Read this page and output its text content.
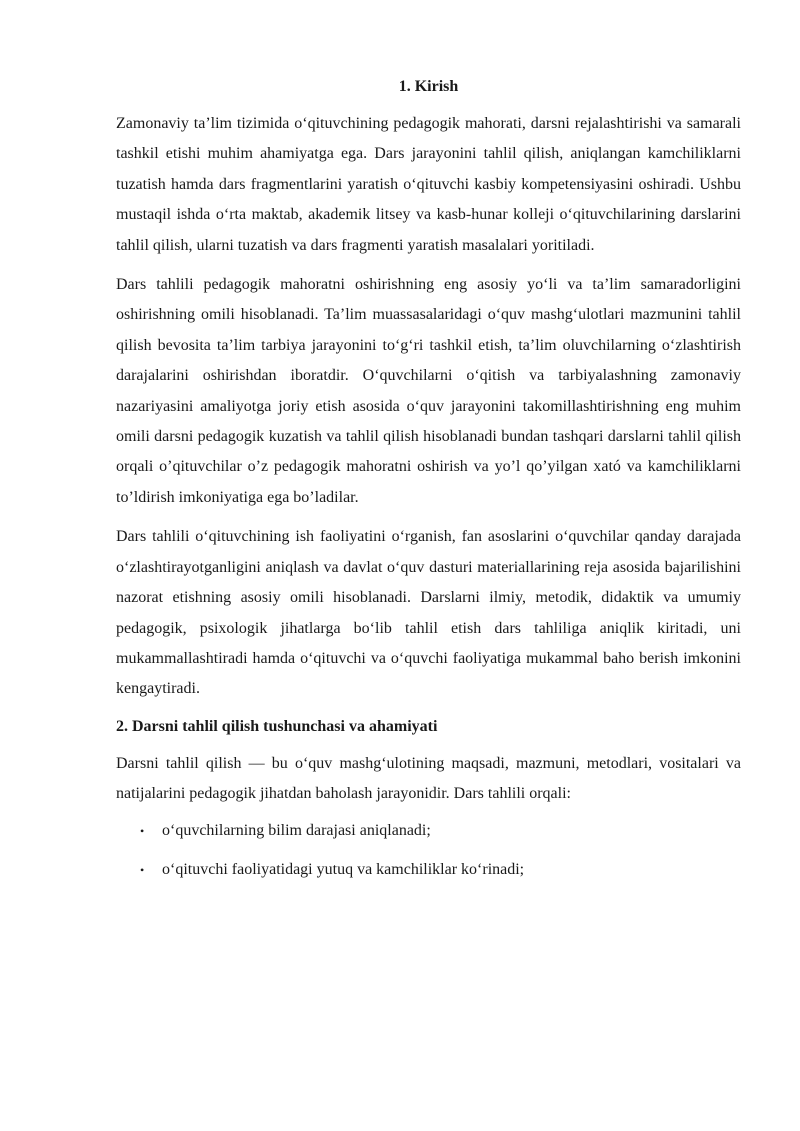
1. Kirish

Zamonaviy ta’lim tizimida o‘qituvchining pedagogik mahorati, darsni rejalashtirishi va samarali tashkil etishi muhim ahamiyatga ega. Dars jarayonini tahlil qilish, aniqlangan kamchiliklarni tuzatish hamda dars fragmentlarini yaratish o‘qituvchi kasbiy kompetensiyasini oshiradi. Ushbu mustaqil ishda o‘rta maktab, akademik litsey va kasb-hunar kolleji o‘qituvchilarining darslarini tahlil qilish, ularni tuzatish va dars fragmenti yaratish masalalari yoritiladi.

Dars tahlili pedagogik mahoratni oshirishning eng asosiy yo‘li va ta’lim samaradorligini oshirishning omili hisoblanadi. Ta’lim muassasalaridagi o‘quv mashg‘ulotlari mazmunini tahlil qilish bevosita ta’lim tarbiya jarayonini to‘g‘ri tashkil etish, ta’lim oluvchilarning o‘zlashtirish darajalarini oshirishdan iboratdir. O‘quvchilarni o‘qitish va tarbiyalashning zamonaviy nazariyasini amaliyotga joriy etish asosida o‘quv jarayonini takomillashtirishning eng muhim omili darsni pedagogik kuzatish va tahlil qilish hisoblanadi bundan tashqari darslarni tahlil qilish orqali o’qituvchilar o’z pedagogik mahoratni oshirish va yo’l qo’yilgan xató va kamchiliklarni to’ldirish imkoniyatiga ega bo’ladilar.

Dars tahlili o‘qituvchining ish faoliyatini o‘rganish, fan asoslarini o‘quvchilar qanday darajada o‘zlashtirayotganligini aniqlash va davlat o‘quv dasturi materiallarining reja asosida bajarilishini nazorat etishning asosiy omili hisoblanadi. Darslarni ilmiy, metodik, didaktik va umumiy pedagogik, psixologik jihatlarga bo‘lib tahlil etish dars tahliliga aniqlik kiritadi, uni mukammallashtiradi hamda o‘qituvchi va o‘quvchi faoliyatiga mukammal baho berish imkonini kengaytiradi.

2. Darsni tahlil qilish tushunchasi va ahamiyati

Darsni tahlil qilish — bu o‘quv mashg‘ulotining maqsadi, mazmuni, metodlari, vositalari va natijalarini pedagogik jihatdan baholash jarayonidir. Dars tahlili orqali:

• o‘quvchilarning bilim darajasi aniqlanadi;
• o‘qituvchi faoliyatidagi yutuq va kamchiliklar ko‘rinadi;
